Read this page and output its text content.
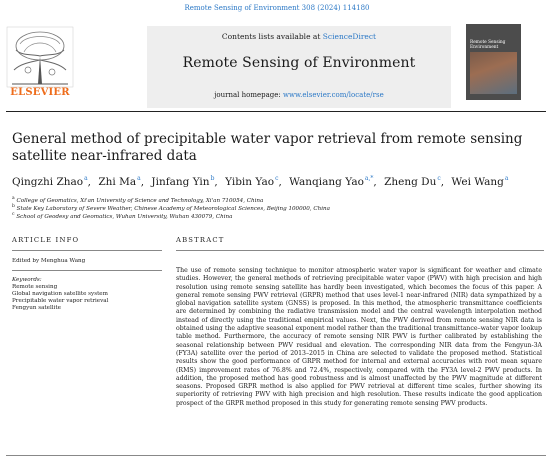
Remote Sensing of Environment 308 (2024) 114180
ELSEVIER
Contents lists available at ScienceDirect
Remote Sensing of Environment
journal homepage: www.elsevier.com/locate/rse
Remote Sensing
Environment
General method of precipitable water vapor retrieval from remote sensing satellite near-infrared data
Qingzhi Zhao$^a$, Zhi Ma$^a$, Jinfang Yin$^b$, Yibin Yao$^c$, Wanqiang Yao$^{a,*}$, Zheng Du$^c$, Wei Wang$^a$
$^a$ College of Geomatics, Xi'an University of Science and Technology, Xi'an 710054, China
$^b$ State Key Laboratory of Severe Weather, Chinese Academy of Meteorological Sciences, Beijing 100000, China
$^c$ School of Geodesy and Geomatics, Wuhan University, Wuhan 430079, China
ARTICLE INFO
Edited by Menghua Wang
Keywords:
Remote sensing
Global navigation satellite system
Precipitable water vapor retrieval
Fengyun satellite
ABSTRACT
The use of remote sensing technique to monitor atmospheric water vapor is significant for weather and climate studies. However, the general methods of retrieving precipitable water vapor (PWV) with high precision and high resolution using remote sensing satellite has hardly been investigated, which becomes the focus of this paper. A general remote sensing PWV retrieval (GRPR) method that uses level-1 near-infrared (NIR) data sympathized by a global navigation satellite system (GNSS) is proposed. In this method, the atmospheric transmittance coefficients are determined by combining the radiative transmission model and the central wavelength interpolation method instead of directly using the traditional empirical values. Next, the PWV derived from remote sensing NIR data is obtained using the adaptive seasonal exponent model rather than the traditional transmittance–water vapor lookup table method. Furthermore, the accuracy of remote sensing NIR PWV is further calibrated by establishing the seasonal relationship between PWV residual and elevation. The corresponding NIR data from the Fengyun-3A (FY3A) satellite over the period of 2013–2015 in China are selected to validate the proposed method. Statistical results show the good performance of GRPR method for internal and external accuracies with root mean square (RMS) improvement rates of 76.8% and 72.4%, respectively, compared with the FY3A level-2 PWV products. In addition, the proposed method has good robustness and is almost unaffected by the PWV magnitude at different seasons. Proposed GRPR method is also applied for PWV retrieval at different time scales, further showing its superiority of retrieving PWV with high precision and high resolution. These results indicate the good application prospect of the GRPR method proposed in this study for generating remote sensing PWV products.
